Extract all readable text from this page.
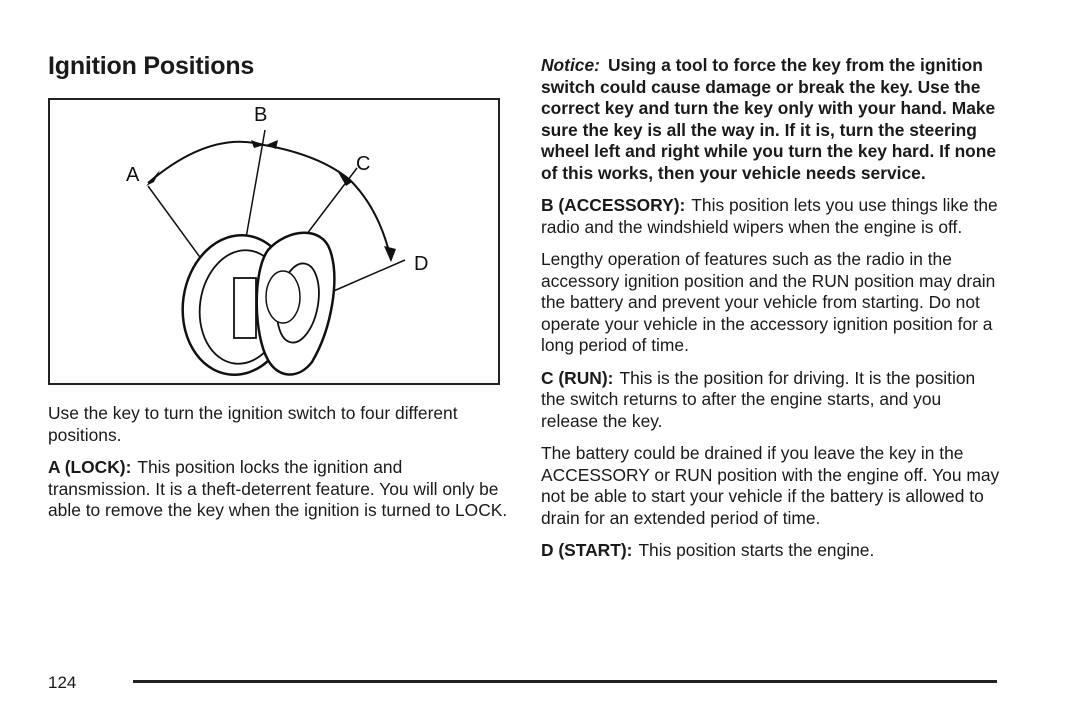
Ignition Positions
A
B
C
D

Use the key to turn the ignition switch to four different positions.

A (LOCK): This position locks the ignition and transmission. It is a theft-deterrent feature. You will only be able to remove the key when the ignition is turned to LOCK.

Notice: Using a tool to force the key from the ignition switch could cause damage or break the key. Use the correct key and turn the key only with your hand. Make sure the key is all the way in. If it is, turn the steering wheel left and right while you turn the key hard. If none of this works, then your vehicle needs service.

B (ACCESSORY): This position lets you use things like the radio and the windshield wipers when the engine is off.

Lengthy operation of features such as the radio in the accessory ignition position and the RUN position may drain the battery and prevent your vehicle from starting. Do not operate your vehicle in the accessory ignition position for a long period of time.

C (RUN): This is the position for driving. It is the position the switch returns to after the engine starts, and you release the key.

The battery could be drained if you leave the key in the ACCESSORY or RUN position with the engine off. You may not be able to start your vehicle if the battery is allowed to drain for an extended period of time.

D (START): This position starts the engine.

124
